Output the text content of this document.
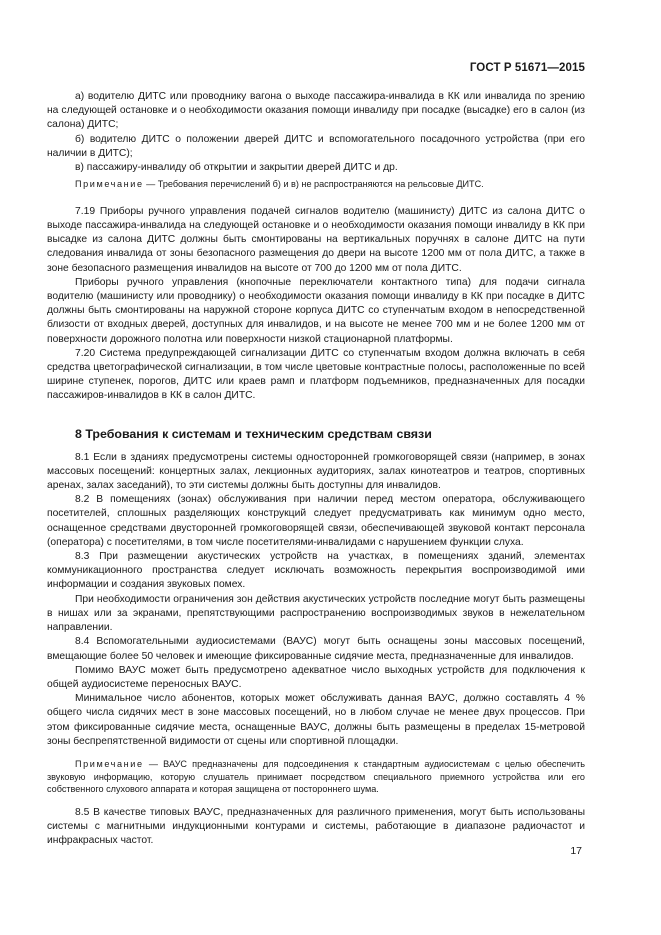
ГОСТ Р 51671—2015

а) водителю ДИТС или проводнику вагона о выходе пассажира-инвалида в КК или инвалида по зрению на следующей остановке и о необходимости оказания помощи инвалиду при посадке (высадке) его в салон (из салона) ДИТС;

б) водителю ДИТС о положении дверей ДИТС и вспомогательного посадочного устройства (при его наличии в ДИТС);

в) пассажиру-инвалиду об открытии и закрытии дверей ДИТС и др.

Примечание — Требования перечислений б) и в) не распространяются на рельсовые ДИТС.

7.19 Приборы ручного управления подачей сигналов водителю (машинисту) ДИТС из салона ДИТС о выходе пассажира-инвалида на следующей остановке и о необходимости оказания помощи инвалиду в КК при высадке из салона ДИТС должны быть смонтированы на вертикальных поручнях в салоне ДИТС на пути следования инвалида от зоны безопасного размещения до двери на высоте 1200 мм от пола ДИТС, а также в зоне безопасного размещения инвалидов на высоте от 700 до 1200 мм от пола ДИТС.

Приборы ручного управления (кнопочные переключатели контактного типа) для подачи сигнала водителю (машинисту или проводнику) о необходимости оказания помощи инвалиду в КК при посадке в ДИТС должны быть смонтированы на наружной стороне корпуса ДИТС со ступенчатым входом в непосредственной близости от входных дверей, доступных для инвалидов, и на высоте не менее 700 мм и не более 1200 мм от поверхности дорожного полотна или поверхности низкой стационарной платформы.

7.20 Система предупреждающей сигнализации ДИТС со ступенчатым входом должна включать в себя средства цветографической сигнализации, в том числе цветовые контрастные полосы, расположенные по всей ширине ступенек, порогов, ДИТС или краев рамп и платформ подъемников, предназначенных для посадки пассажиров-инвалидов в КК в салон ДИТС.

8 Требования к системам и техническим средствам связи

8.1 Если в зданиях предусмотрены системы односторонней громкоговорящей связи (например, в зонах массовых посещений: концертных залах, лекционных аудиториях, залах кинотеатров и театров, спортивных аренах, залах заседаний), то эти системы должны быть доступны для инвалидов.

8.2 В помещениях (зонах) обслуживания при наличии перед местом оператора, обслуживающего посетителей, сплошных разделяющих конструкций следует предусматривать как минимум одно место, оснащенное средствами двусторонней громкоговорящей связи, обеспечивающей звуковой контакт персонала (оператора) с посетителями, в том числе посетителями-инвалидами с нарушением функции слуха.

8.3 При размещении акустических устройств на участках, в помещениях зданий, элементах коммуникационного пространства следует исключать возможность перекрытия воспроизводимой ими информации и создания звуковых помех.

При необходимости ограничения зон действия акустических устройств последние могут быть размещены в нишах или за экранами, препятствующими распространению воспроизводимых звуков в нежелательном направлении.

8.4 Вспомогательными аудиосистемами (ВАУС) могут быть оснащены зоны массовых посещений, вмещающие более 50 человек и имеющие фиксированные сидячие места, предназначенные для инвалидов.

Помимо ВАУС может быть предусмотрено адекватное число выходных устройств для подключения к общей аудиосистеме переносных ВАУС.

Минимальное число абонентов, которых может обслуживать данная ВАУС, должно составлять 4 % общего числа сидячих мест в зоне массовых посещений, но в любом случае не менее двух процессов. При этом фиксированные сидячие места, оснащенные ВАУС, должны быть размещены в пределах 15-метровой зоны беспрепятственной видимости от сцены или спортивной площадки.

Примечание — ВАУС предназначены для подсоединения к стандартным аудиосистемам с целью обеспечить звуковую информацию, которую слушатель принимает посредством специального приемного устройства или его собственного слухового аппарата и которая защищена от постороннего шума.

8.5 В качестве типовых ВАУС, предназначенных для различного применения, могут быть использованы системы с магнитными индукционными контурами и системы, работающие в диапазоне радиочастот и инфракрасных частот.

17
